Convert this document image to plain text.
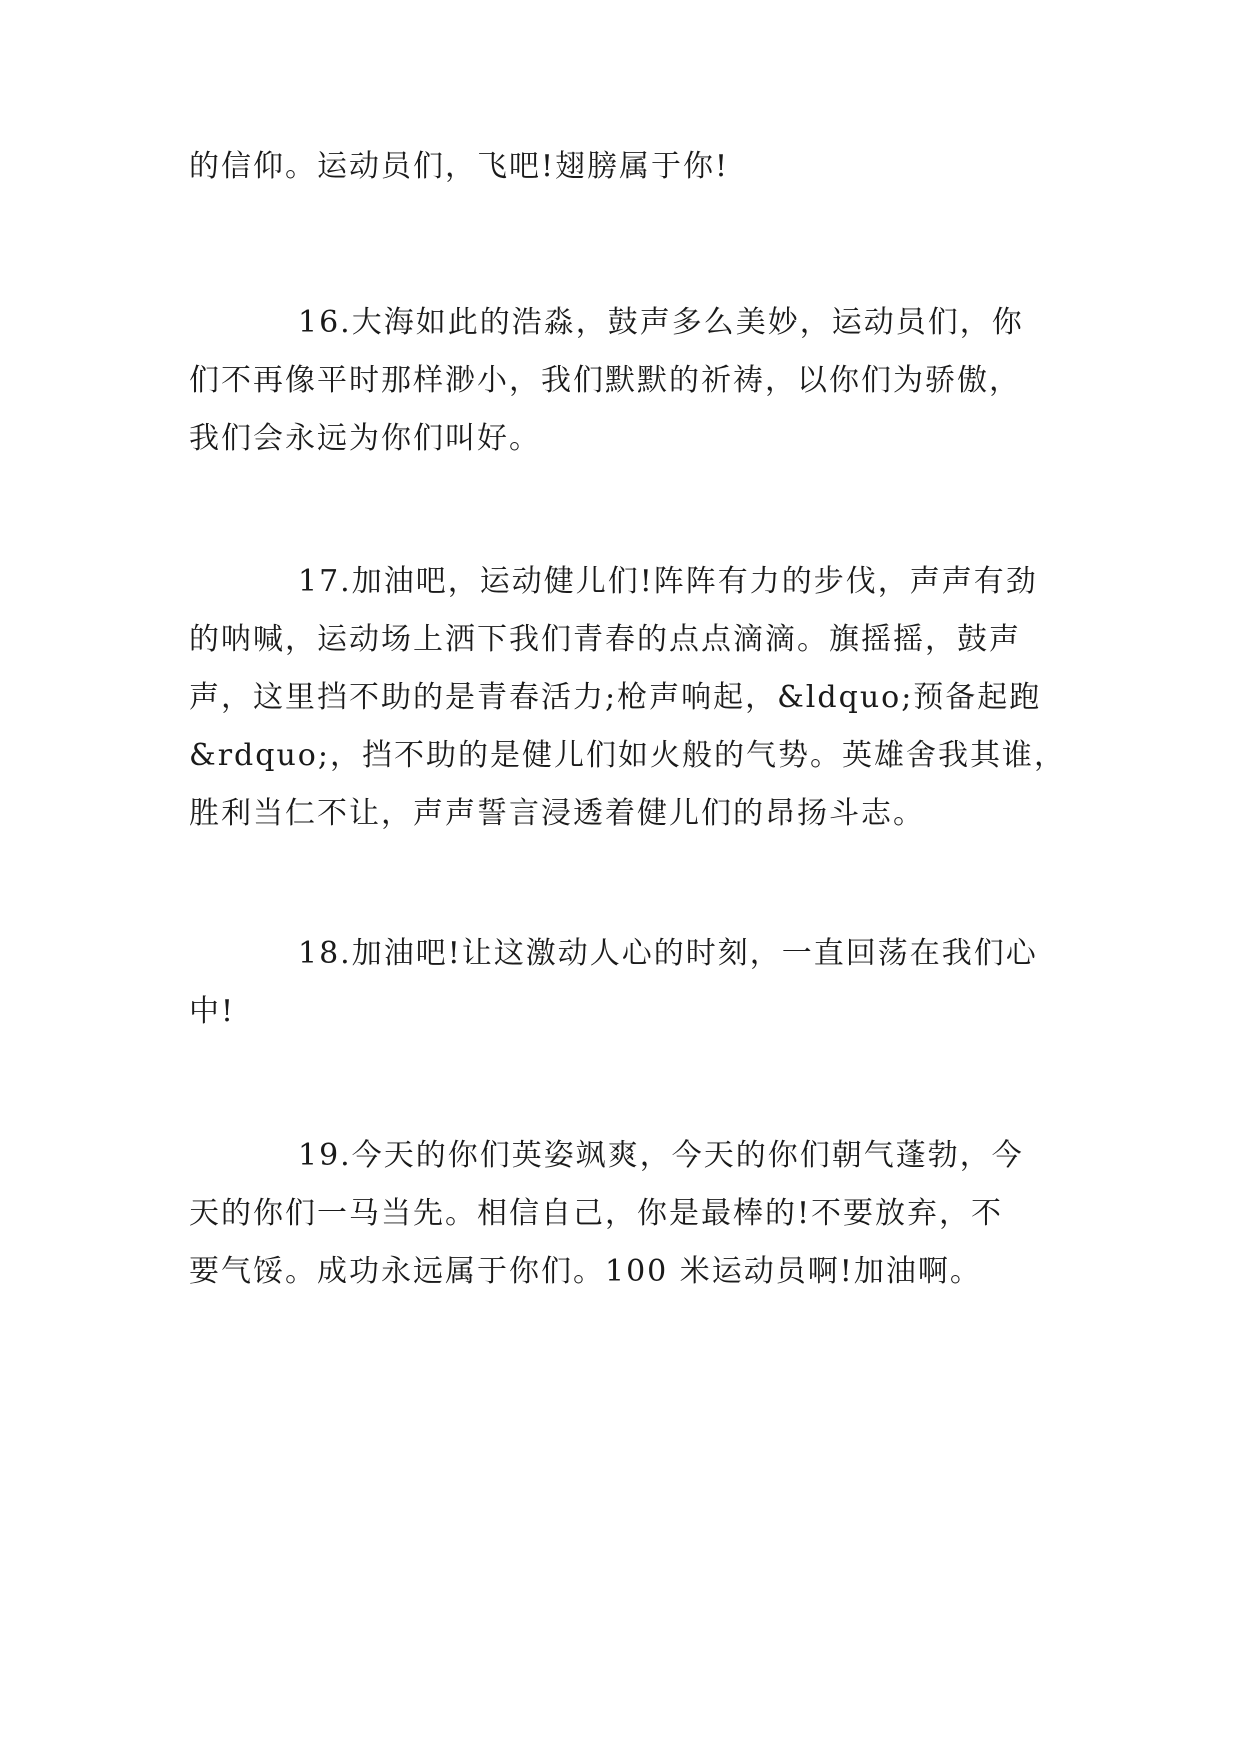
的信仰。运动员们，飞吧!翅膀属于你!
16.大海如此的浩淼，鼓声多么美妙，运动员们，你
们不再像平时那样渺小，我们默默的祈祷，以你们为骄傲，
我们会永远为你们叫好。
17.加油吧，运动健儿们!阵阵有力的步伐，声声有劲
的呐喊，运动场上洒下我们青春的点点滴滴。旗摇摇，鼓声
声，这里挡不助的是青春活力;枪声响起，&ldquo;预备起跑
&rdquo;，挡不助的是健儿们如火般的气势。英雄舍我其谁，
胜利当仁不让，声声誓言浸透着健儿们的昂扬斗志。
18.加油吧!让这激动人心的时刻，一直回荡在我们心
中!
19.今天的你们英姿飒爽，今天的你们朝气蓬勃，今
天的你们一马当先。相信自己，你是最棒的!不要放弃，不
要气馁。成功永远属于你们。100 米运动员啊!加油啊。
